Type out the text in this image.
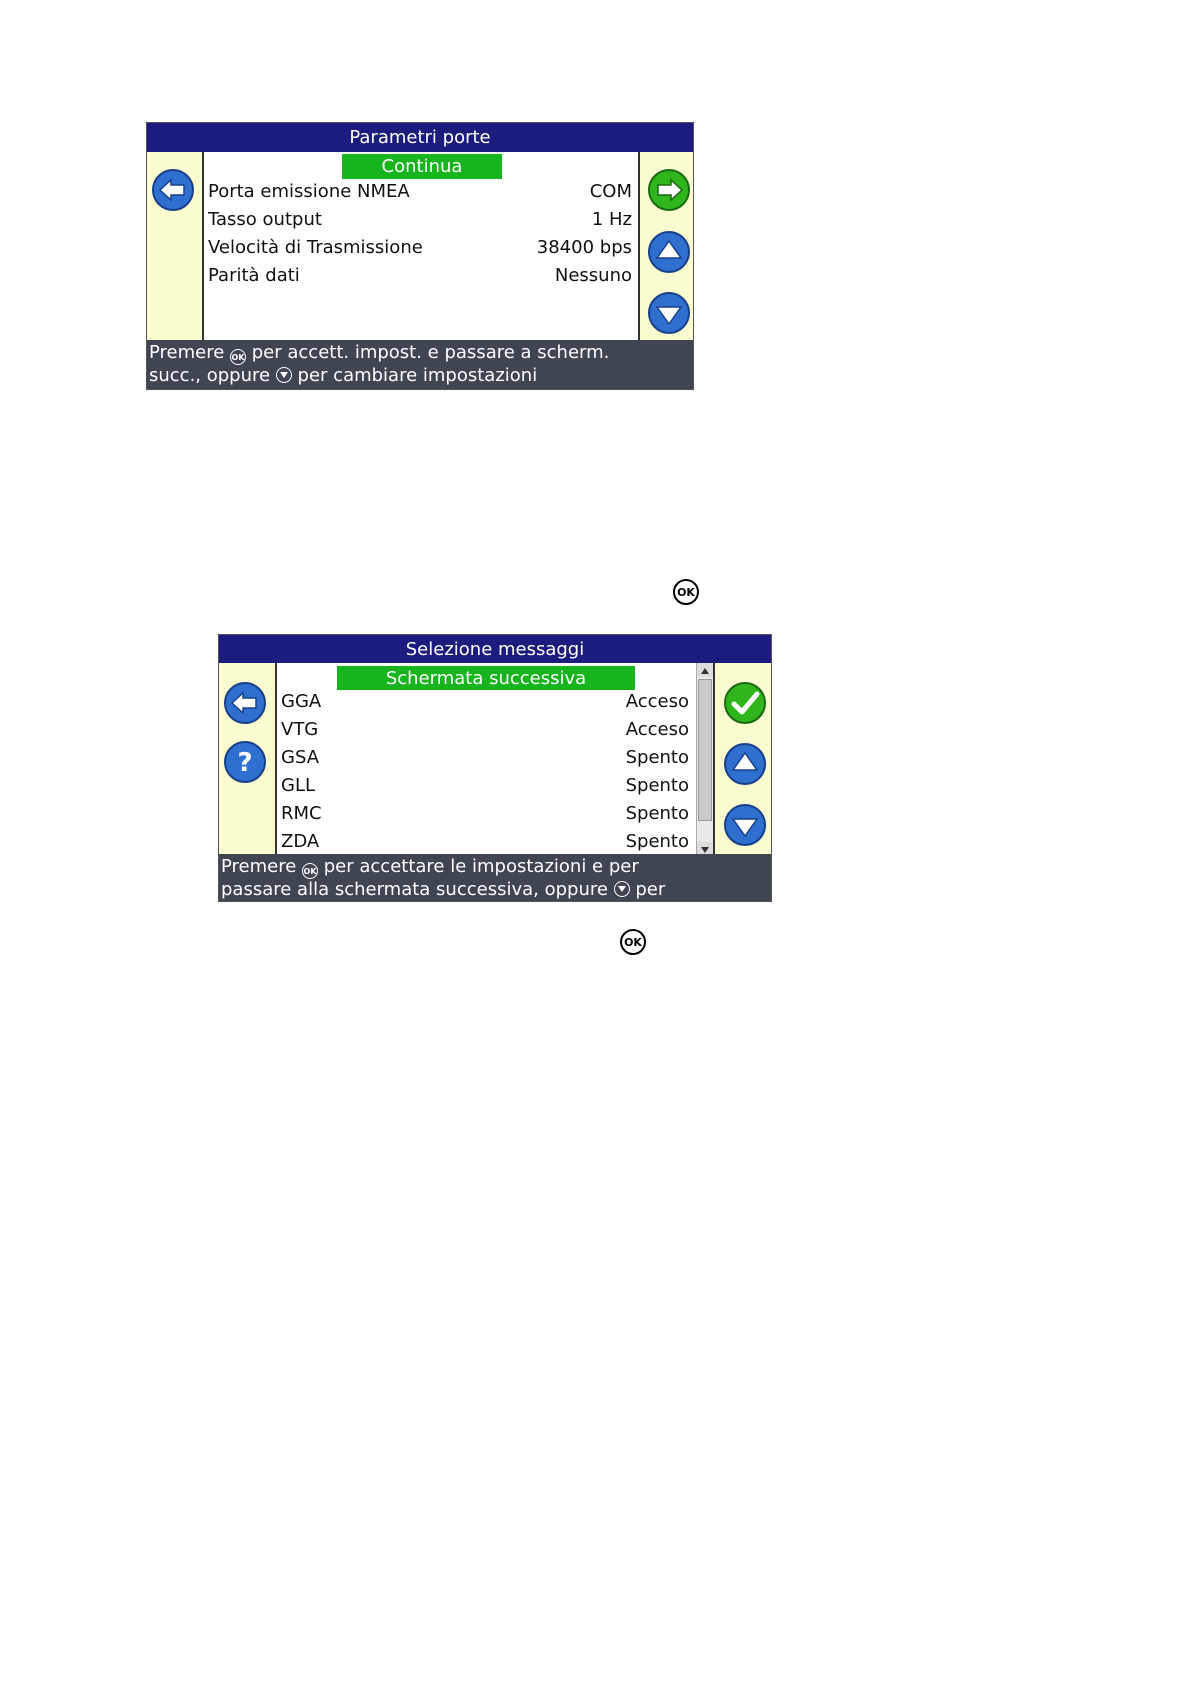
Parametri porte
Continua
Porta emissione NMEA	COM
Tasso output	1 Hz
Velocità di Trasmissione	38400 bps
Parità dati	Nessuno
Premere OK per accett. impost. e passare a scherm.
succ., oppure  per cambiare impostazioni
OK
Selezione messaggi
?
Schermata successiva
GGA	Acceso
VTG	Acceso
GSA	Spento
GLL	Spento
RMC	Spento
ZDA	Spento
Premere OK per accettare le impostazioni e per
passare alla schermata successiva, oppure  per
OK
